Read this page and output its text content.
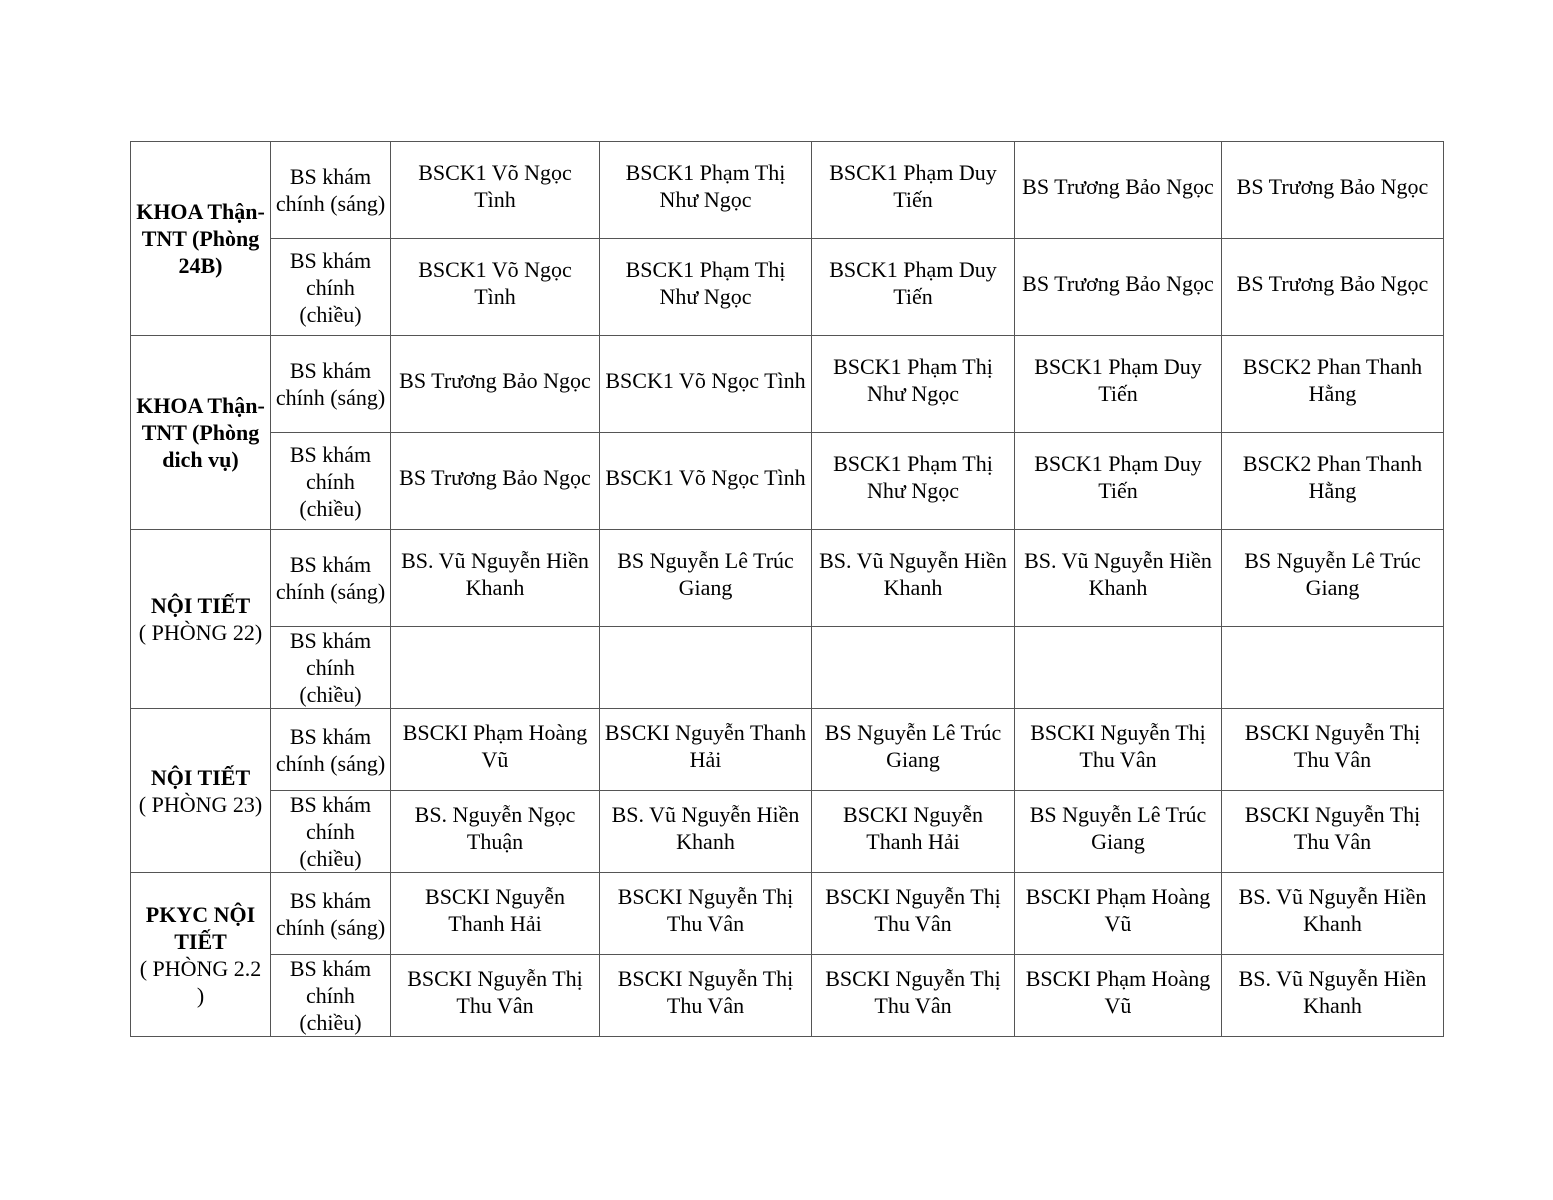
KHOA Thận-TNT (Phòng 24B)	BS khám chính (sáng)	BSCK1 Võ Ngọc Tình	BSCK1 Phạm Thị Như Ngọc	BSCK1 Phạm Duy Tiến	BS Trương Bảo Ngọc	BS Trương Bảo Ngọc
	BS khám chính (chiều)	BSCK1 Võ Ngọc Tình	BSCK1 Phạm Thị Như Ngọc	BSCK1 Phạm Duy Tiến	BS Trương Bảo Ngọc	BS Trương Bảo Ngọc

KHOA Thận-TNT (Phòng dich vụ)	BS khám chính (sáng)	BS Trương Bảo Ngọc	BSCK1 Võ Ngọc Tình	BSCK1 Phạm Thị Như Ngọc	BSCK1 Phạm Duy Tiến	BSCK2 Phan Thanh Hằng
	BS khám chính (chiều)	BS Trương Bảo Ngọc	BSCK1 Võ Ngọc Tình	BSCK1 Phạm Thị Như Ngọc	BSCK1 Phạm Duy Tiến	BSCK2 Phan Thanh Hằng

NỘI TIẾT
( PHÒNG 22)	BS khám chính (sáng)	BS. Vũ Nguyễn Hiền Khanh	BS Nguyễn Lê Trúc Giang	BS. Vũ Nguyễn Hiền Khanh	BS. Vũ Nguyễn Hiền Khanh	BS Nguyễn Lê Trúc Giang
	BS khám chính (chiều)					

NỘI TIẾT
( PHÒNG 23)	BS khám chính (sáng)	BSCKI Phạm Hoàng Vũ	BSCKI Nguyễn Thanh Hải	BS Nguyễn Lê Trúc Giang	BSCKI Nguyễn Thị Thu Vân	BSCKI Nguyễn Thị Thu Vân
	BS khám chính (chiều)	BS. Nguyễn Ngọc Thuận	BS. Vũ Nguyễn Hiền Khanh	BSCKI Nguyễn Thanh Hải	BS Nguyễn Lê Trúc Giang	BSCKI Nguyễn Thị Thu Vân

PKYC NỘI TIẾT
( PHÒNG 2.2 )	BS khám chính (sáng)	BSCKI Nguyễn Thanh Hải	BSCKI Nguyễn Thị Thu Vân	BSCKI Nguyễn Thị Thu Vân	BSCKI Phạm Hoàng Vũ	BS. Vũ Nguyễn Hiền Khanh
	BS khám chính (chiều)	BSCKI Nguyễn Thị Thu Vân	BSCKI Nguyễn Thị Thu Vân	BSCKI Nguyễn Thị Thu Vân	BSCKI Phạm Hoàng Vũ	BS. Vũ Nguyễn Hiền Khanh
